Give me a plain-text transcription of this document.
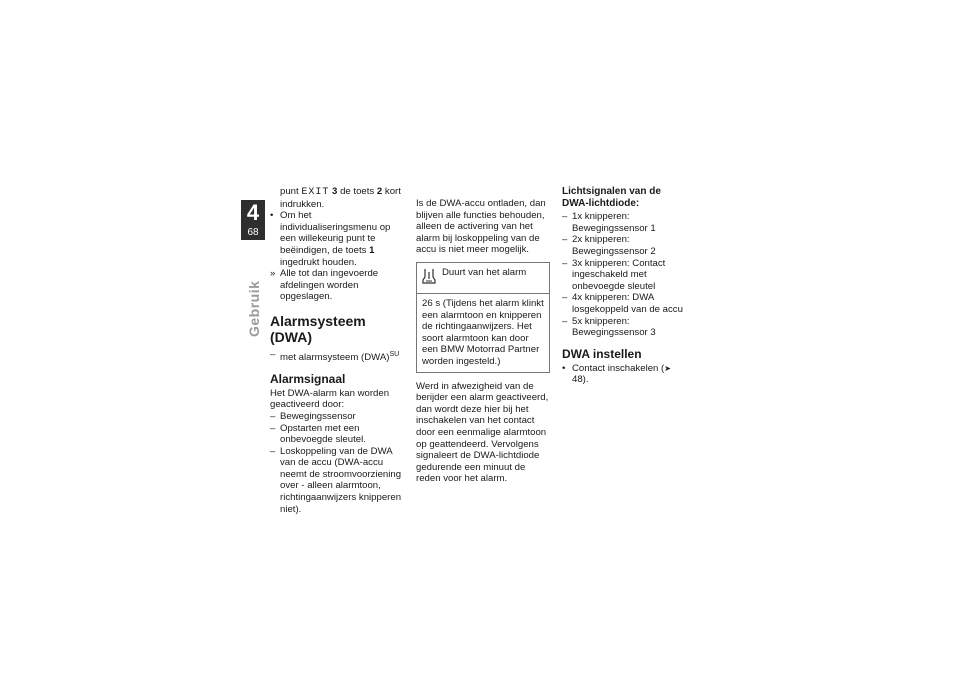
4
68
Gebruik

punt EXIT 3 de toets 2 kort indrukken.

• Om het individualiseringsmenu op een willekeurig punt te beëindigen, de toets 1 ingedrukt houden.

» Alle tot dan ingevoerde afdelingen worden opgeslagen.

Alarmsysteem (DWA)

– met alarmsysteem (DWA)$^{SU}$

Alarmsignaal

Het DWA-alarm kan worden geactiveerd door:

– Bewegingssensor

– Opstarten met een onbevoegde sleutel.

– Loskoppeling van de DWA van de accu (DWA-accu neemt de stroomvoorziening over - alleen alarmtoon, richtingaanwijzers knipperen niet).

Is de DWA-accu ontladen, dan blijven alle functies behouden, alleen de activering van het alarm bij loskoppeling van de accu is niet meer mogelijk.

Duurt van het alarm
26 s (Tijdens het alarm klinkt een alarmtoon en knipperen de richtingaanwijzers. Het soort alarmtoon kan door een BMW Motorrad Partner worden ingesteld.)

Werd in afwezigheid van de berijder een alarm geactiveerd, dan wordt deze hier bij het inschakelen van het contact door een eenmalige alarmtoon op geattendeerd. Vervolgens signaleert de DWA-lichtdiode gedurende een minuut de reden voor het alarm.

Lichtsignalen van de DWA-lichtdiode:

– 1x knipperen: Bewegingssensor 1

– 2x knipperen: Bewegingssensor 2

– 3x knipperen: Contact ingeschakeld met onbevoegde sleutel

– 4x knipperen: DWA losgekoppeld van de accu

– 5x knipperen: Bewegingssensor 3

DWA instellen

• Contact inschakelen (➤ 48).
